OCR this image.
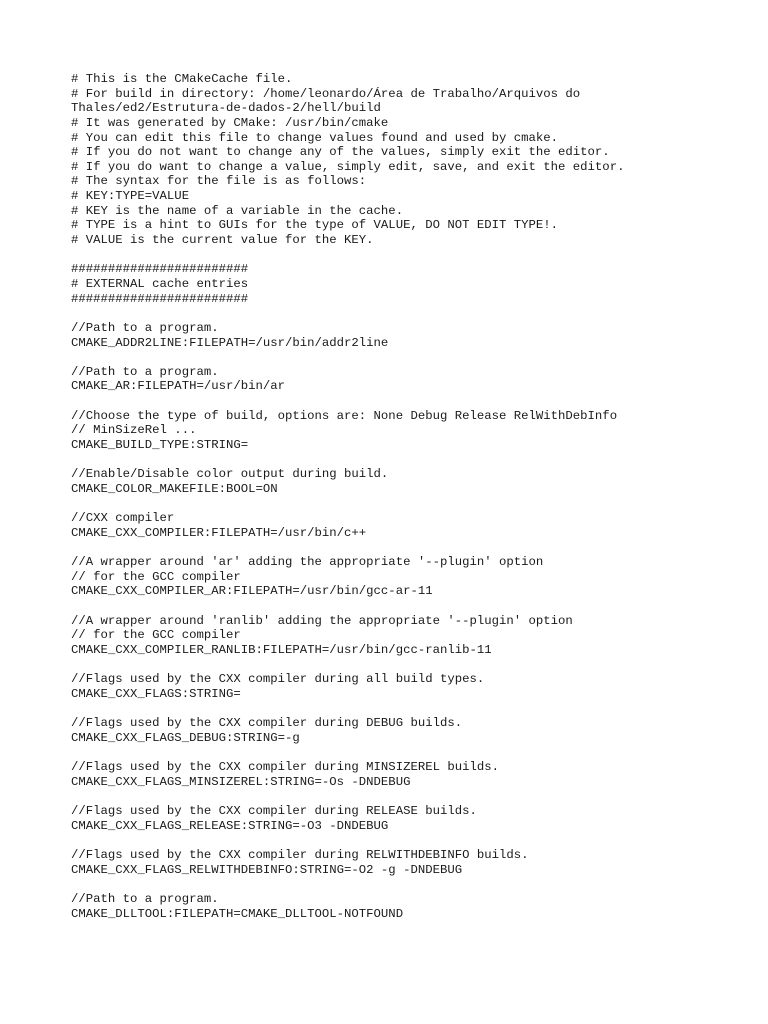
# This is the CMakeCache file.
# For build in directory: /home/leonardo/Área de Trabalho/Arquivos do
Thales/ed2/Estrutura-de-dados-2/hell/build
# It was generated by CMake: /usr/bin/cmake
# You can edit this file to change values found and used by cmake.
# If you do not want to change any of the values, simply exit the editor.
# If you do want to change a value, simply edit, save, and exit the editor.
# The syntax for the file is as follows:
# KEY:TYPE=VALUE
# KEY is the name of a variable in the cache.
# TYPE is a hint to GUIs for the type of VALUE, DO NOT EDIT TYPE!.
# VALUE is the current value for the KEY.
########################
# EXTERNAL cache entries
########################
//Path to a program.
CMAKE_ADDR2LINE:FILEPATH=/usr/bin/addr2line
//Path to a program.
CMAKE_AR:FILEPATH=/usr/bin/ar
//Choose the type of build, options are: None Debug Release RelWithDebInfo
// MinSizeRel ...
CMAKE_BUILD_TYPE:STRING=
//Enable/Disable color output during build.
CMAKE_COLOR_MAKEFILE:BOOL=ON
//CXX compiler
CMAKE_CXX_COMPILER:FILEPATH=/usr/bin/c++
//A wrapper around 'ar' adding the appropriate '--plugin' option
// for the GCC compiler
CMAKE_CXX_COMPILER_AR:FILEPATH=/usr/bin/gcc-ar-11
//A wrapper around 'ranlib' adding the appropriate '--plugin' option
// for the GCC compiler
CMAKE_CXX_COMPILER_RANLIB:FILEPATH=/usr/bin/gcc-ranlib-11
//Flags used by the CXX compiler during all build types.
CMAKE_CXX_FLAGS:STRING=
//Flags used by the CXX compiler during DEBUG builds.
CMAKE_CXX_FLAGS_DEBUG:STRING=-g
//Flags used by the CXX compiler during MINSIZEREL builds.
CMAKE_CXX_FLAGS_MINSIZEREL:STRING=-Os -DNDEBUG
//Flags used by the CXX compiler during RELEASE builds.
CMAKE_CXX_FLAGS_RELEASE:STRING=-O3 -DNDEBUG
//Flags used by the CXX compiler during RELWITHDEBINFO builds.
CMAKE_CXX_FLAGS_RELWITHDEBINFO:STRING=-O2 -g -DNDEBUG
//Path to a program.
CMAKE_DLLTOOL:FILEPATH=CMAKE_DLLTOOL-NOTFOUND
